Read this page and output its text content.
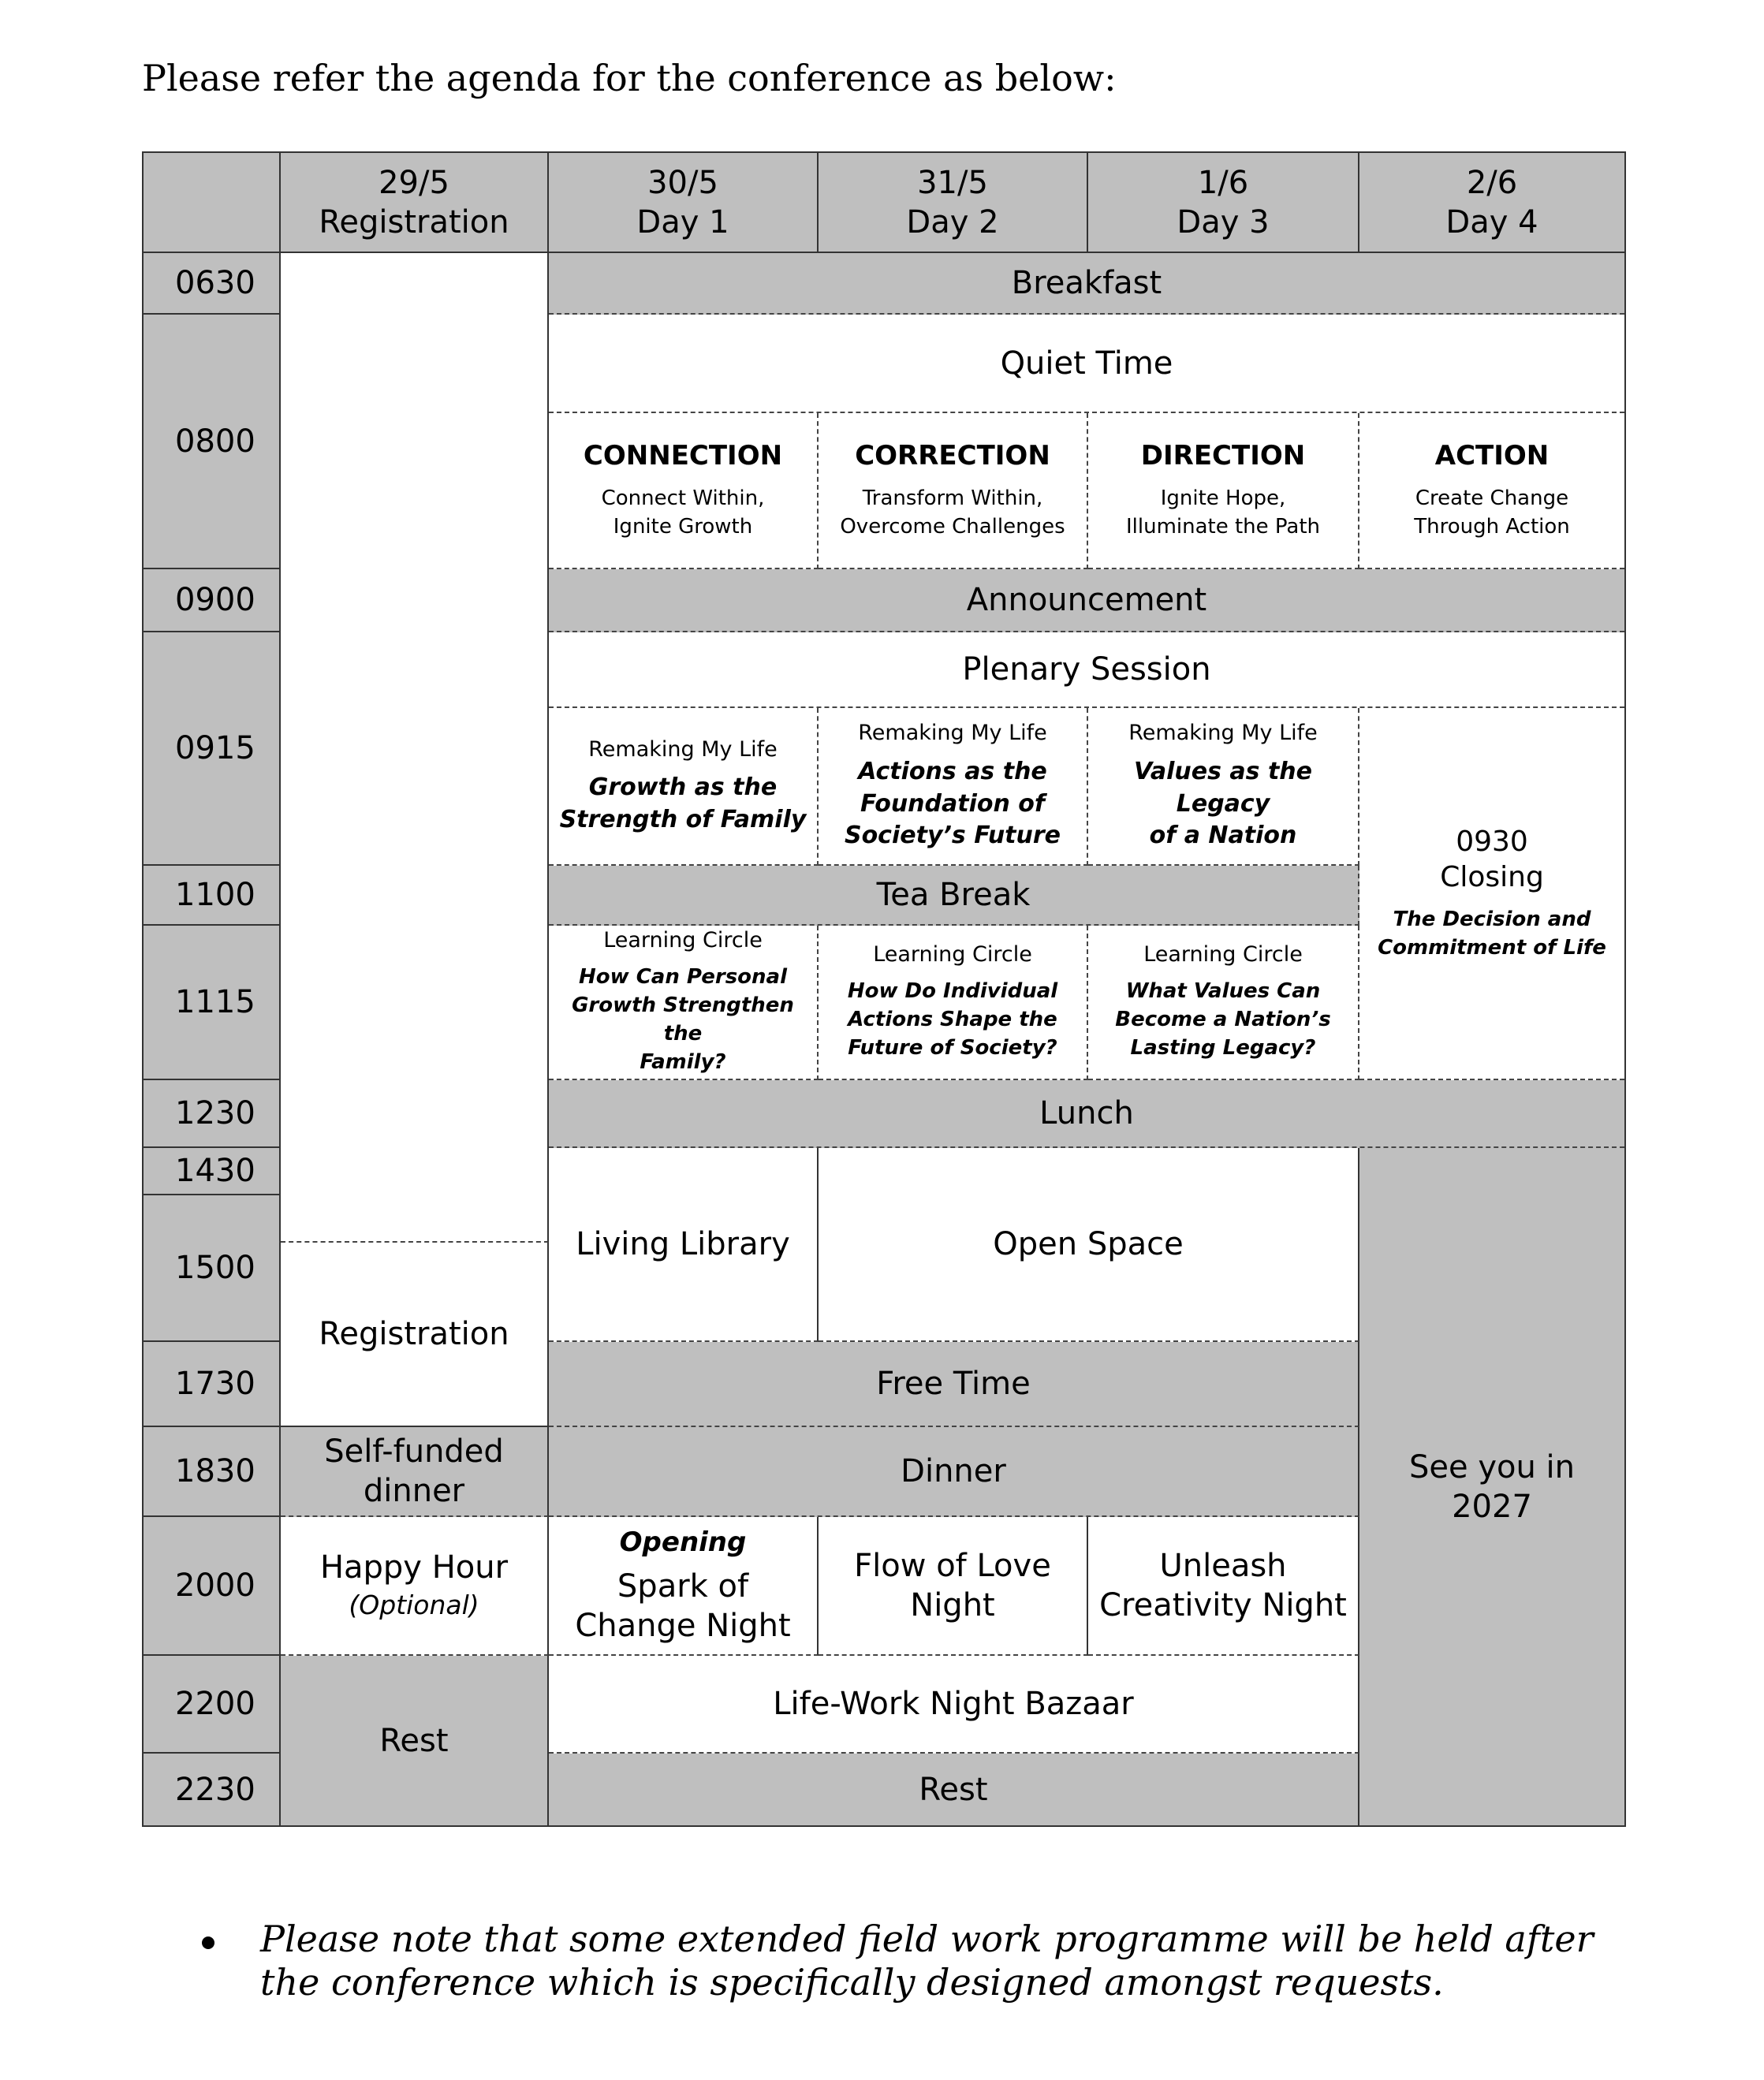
Please refer the agenda for the conference as below:
29/5
Registration
30/5
Day 1
31/5
Day 2
1/6
Day 3
2/6
Day 4
0630
0800
0900
0915
1100
1115
1230
1430
1500
1730
1830
2000
2200
2230
Registration
Self-funded
dinner
Happy Hour
(Optional)
Rest
Breakfast
Quiet Time
CONNECTION
Connect Within,
Ignite Growth
CORRECTION
Transform Within,
Overcome Challenges
DIRECTION
Ignite Hope,
Illuminate the Path
ACTION
Create Change
Through Action
Announcement
Plenary Session
Remaking My Life
Growth as the
Strength of Family
Remaking My Life
Actions as the
Foundation of
Society’s Future
Remaking My Life
Values as the Legacy
of a Nation	0930
Closing
The Decision and
Commitment of Life
Tea Break
Learning Circle
How Can Personal
Growth Strengthen the
Family?
Learning Circle
How Do Individual
Actions Shape the
Future of Society?
Learning Circle
What Values Can
Become a Nation’s
Lasting Legacy?
Lunch
Living Library	Open Space
See you in 2027
Free Time
Dinner
Opening
Spark of
Change Night
Flow of Love
Night
Unleash
Creativity Night
Life-Work Night Bazaar
Rest
Please note that some extended field work programme will be held after the conference which is specifically designed amongst requests.
